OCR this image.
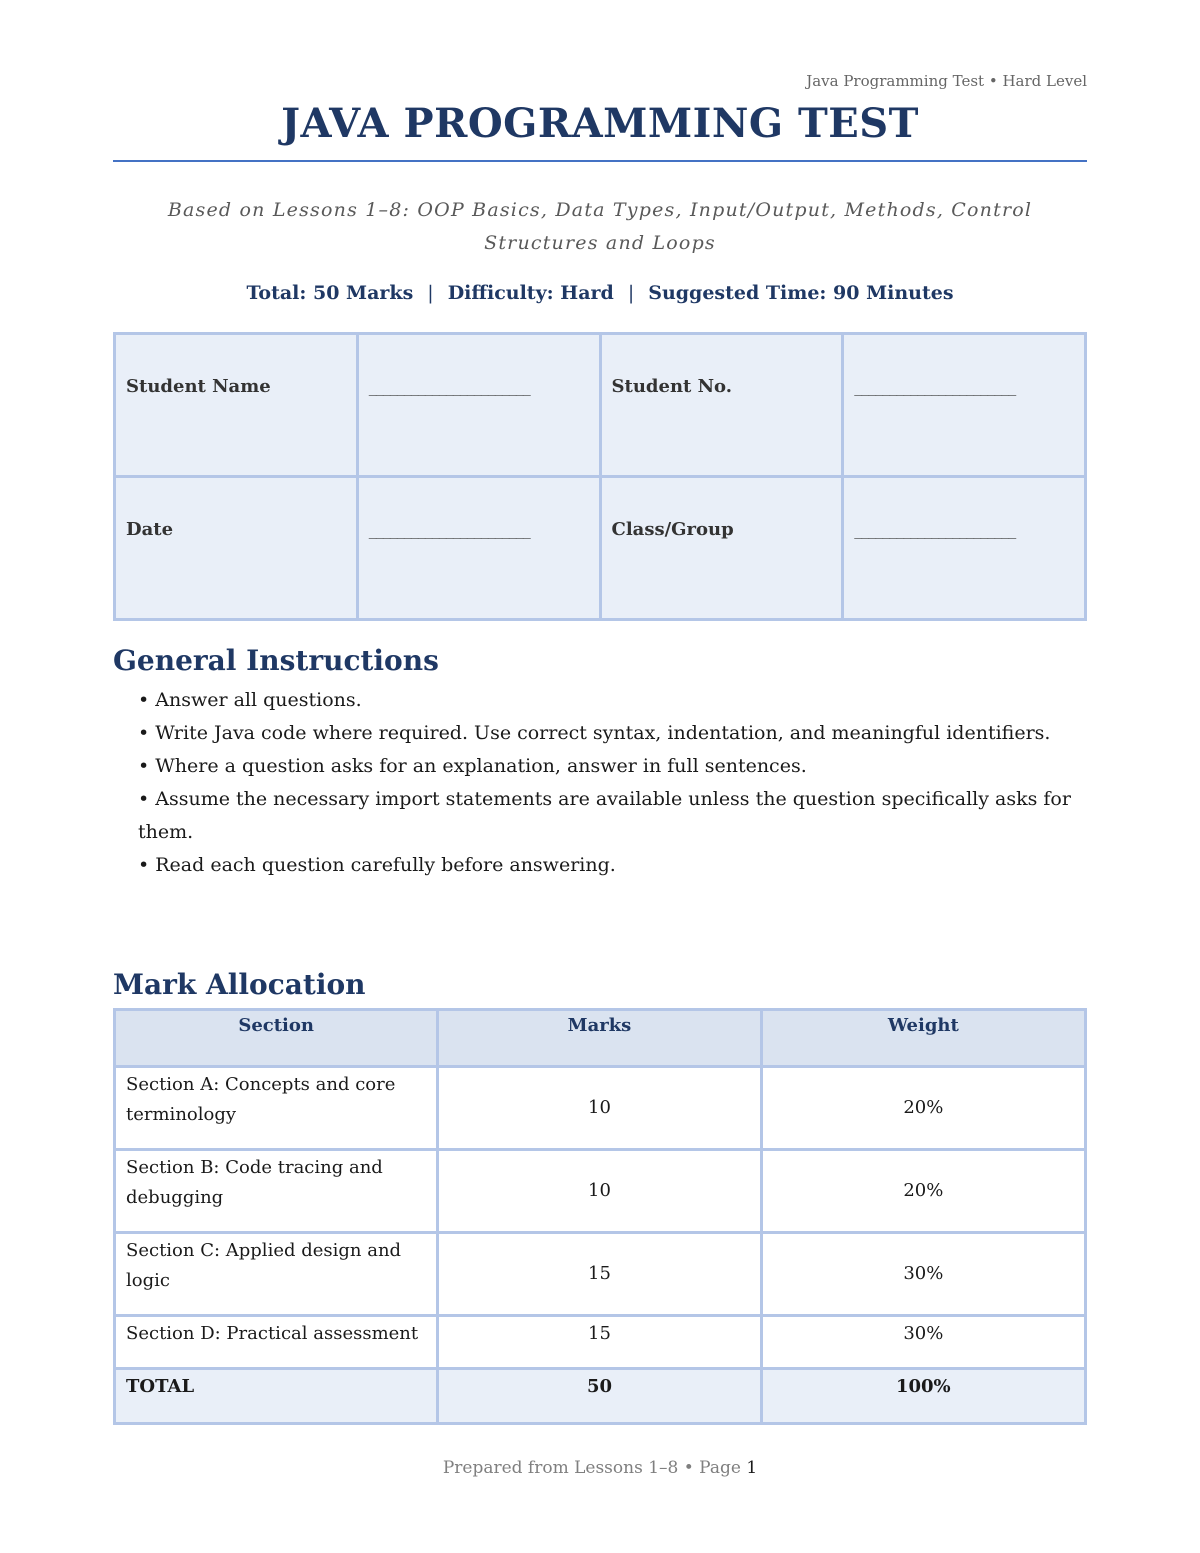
Java Programming Test • Hard Level
JAVA PROGRAMMING TEST
Based on Lessons 1–8: OOP Basics, Data Types, Input/Output, Methods, Control Structures and Loops
Total: 50 Marks | Difficulty: Hard | Suggested Time: 90 Minutes
Student Name	_______________________	Student No.	_______________________
Date	_______________________	Class/Group	_______________________
General Instructions
• Answer all questions.
• Write Java code where required. Use correct syntax, indentation, and meaningful identifiers.
• Where a question asks for an explanation, answer in full sentences.
• Assume the necessary import statements are available unless the question specifically asks for them.
• Read each question carefully before answering.
Mark Allocation
Section	Marks	Weight
Section A: Concepts and core terminology	10	20%
Section B: Code tracing and debugging	10	20%
Section C: Applied design and logic	15	30%
Section D: Practical assessment	15	30%
TOTAL	50	100%
Prepared from Lessons 1–8 • Page 1
